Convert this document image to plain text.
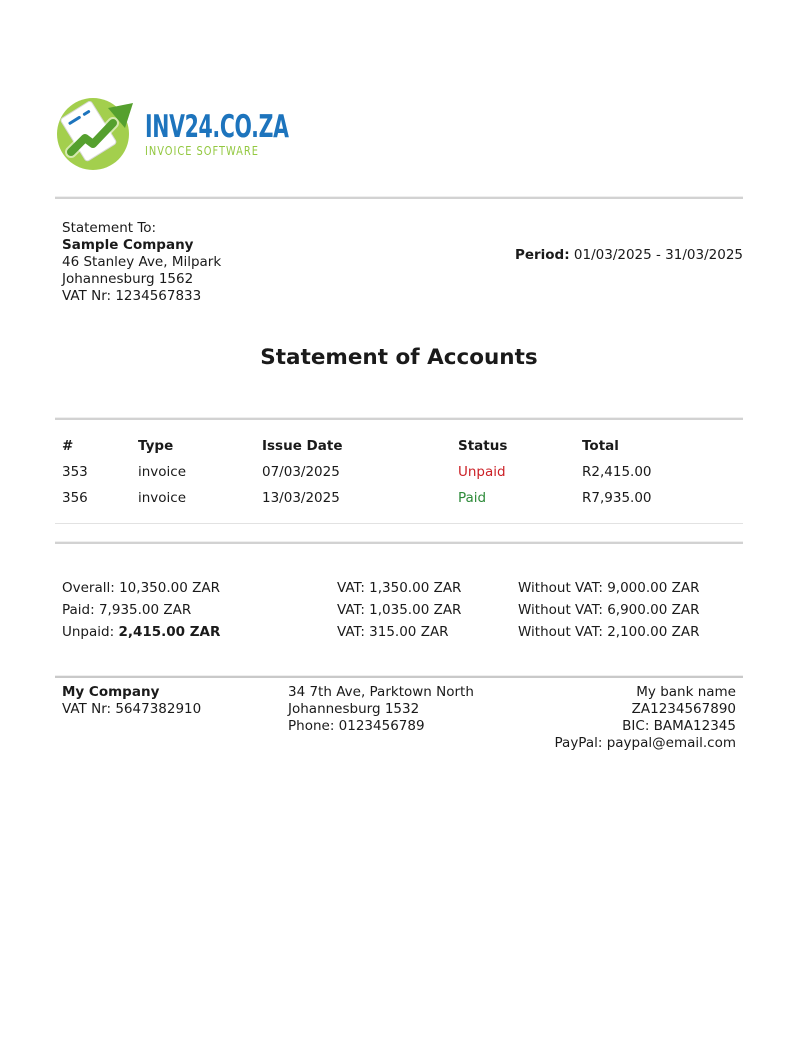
INV24.CO.ZA
INVOICE SOFTWARE
Statement To:
Sample Company
46 Stanley Ave, Milpark
Johannesburg 1562
VAT Nr: 1234567833
Period: 01/03/2025 - 31/03/2025
Statement of Accounts
#	Type	Issue Date	Status	Total
353	invoice	07/03/2025	Unpaid	R2,415.00
356	invoice	13/03/2025	Paid	R7,935.00
Overall: 10,350.00 ZAR	VAT: 1,350.00 ZAR	Without VAT: 9,000.00 ZAR
Paid: 7,935.00 ZAR	VAT: 1,035.00 ZAR	Without VAT: 6,900.00 ZAR
Unpaid: 2,415.00 ZAR	VAT: 315.00 ZAR	Without VAT: 2,100.00 ZAR
My Company
VAT Nr: 5647382910
34 7th Ave, Parktown North
Johannesburg 1532
Phone: 0123456789
My bank name
ZA1234567890
BIC: BAMA12345
PayPal: paypal@email.com
